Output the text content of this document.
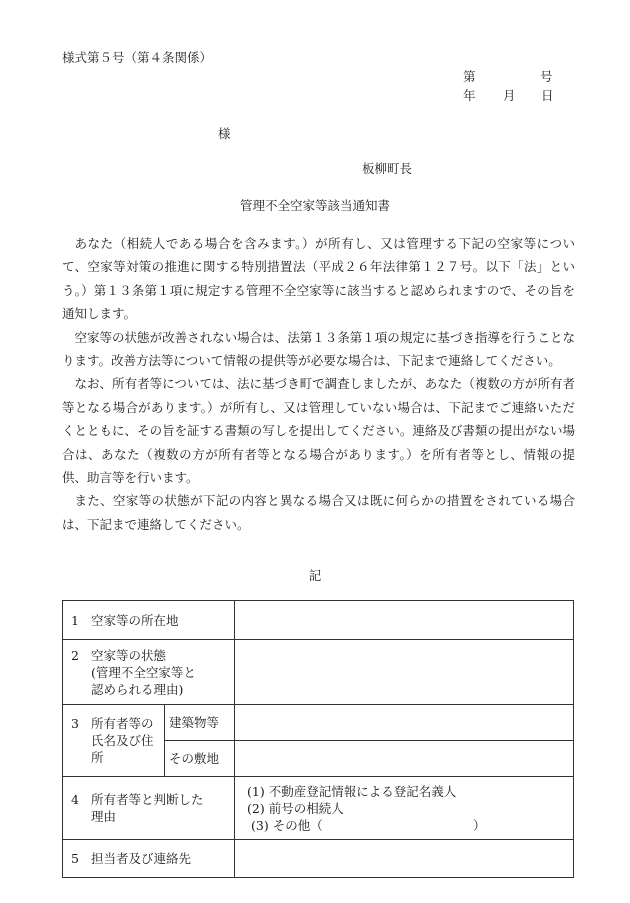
様式第５号（第４条関係）
第	号
年 月 日
様
板柳町長
管理不全空家等該当通知書

あなた（相続人である場合を含みます。）が所有し、又は管理する下記の空家等について、空家等対策の推進に関する特別措置法（平成２６年法律第１２７号。以下「法」という。）第１３条第１項に規定する管理不全空家等に該当すると認められますので、その旨を通知します。

空家等の状態が改善されない場合は、法第１３条第１項の規定に基づき指導を行うことなります。改善方法等について情報の提供等が必要な場合は、下記まで連絡してください。

なお、所有者等については、法に基づき町で調査しましたが、あなた（複数の方が所有者等となる場合があります。）が所有し、又は管理していない場合は、下記までご連絡いただくとともに、その旨を証する書類の写しを提出してください。連絡及び書類の提出がない場合は、あなた（複数の方が所有者等となる場合があります。）を所有者等とし、情報の提供、助言等を行います。

また、空家等の状態が下記の内容と異なる場合又は既に何らかの措置をされている場合は、下記まで連絡してください。

記
1 空家等の所在地		
2 空家等の状態
(管理不全空家等と
認められる理由)		

3 所有者等の
氏名及び住
所	建築物等	
	その敷地	
4 所有者等と判断した
理由		(1) 不動産登記情報による登記名義人
(2) 前号の相続人
(3) その他（ ）

5 担当者及び連絡先		
